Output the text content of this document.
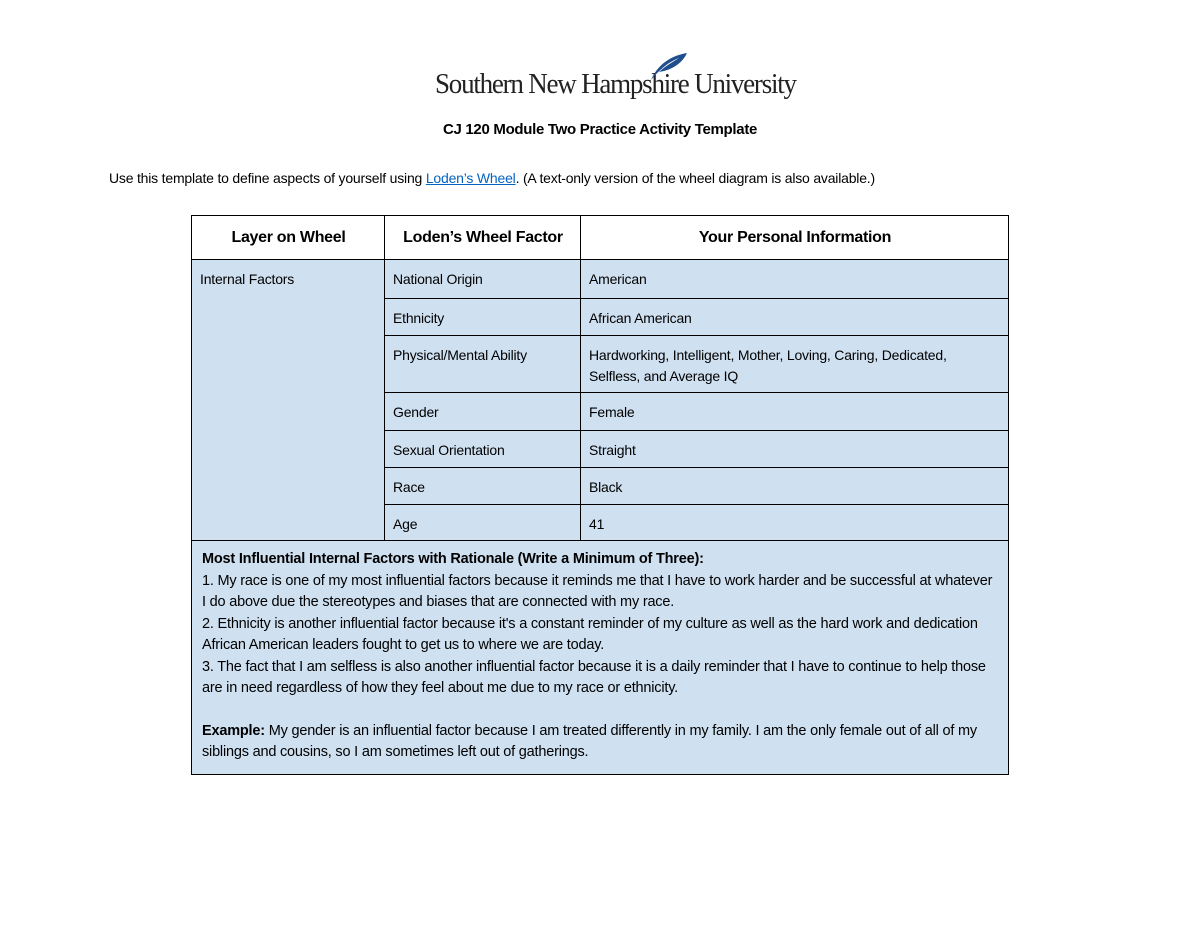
Southern New Hampshire University
CJ 120 Module Two Practice Activity Template
Use this template to define aspects of yourself using Loden’s Wheel. (A text-only version of the wheel diagram is also available.)
Layer on Wheel	Loden’s Wheel Factor	Your Personal Information
Internal Factors	National Origin	American
	Ethnicity	African American
	Physical/Mental Ability	Hardworking, Intelligent, Mother, Loving, Caring, Dedicated, Selfless, and Average IQ
	Gender	Female
	Sexual Orientation	Straight
	Race	Black
	Age	41

Most Influential Internal Factors with Rationale (Write a Minimum of Three):

1. My race is one of my most influential factors because it reminds me that I have to work harder and be successful at whatever I do above due the stereotypes and biases that are connected with my race.

2. Ethnicity is another influential factor because it's a constant reminder of my culture as well as the hard work and dedication African American leaders fought to get us to where we are today.

3. The fact that I am selfless is also another influential factor because it is a daily reminder that I have to continue to help those are in need regardless of how they feel about me due to my race or ethnicity.

Example: My gender is an influential factor because I am treated differently in my family. I am the only female out of all of my siblings and cousins, so I am sometimes left out of gatherings.		
